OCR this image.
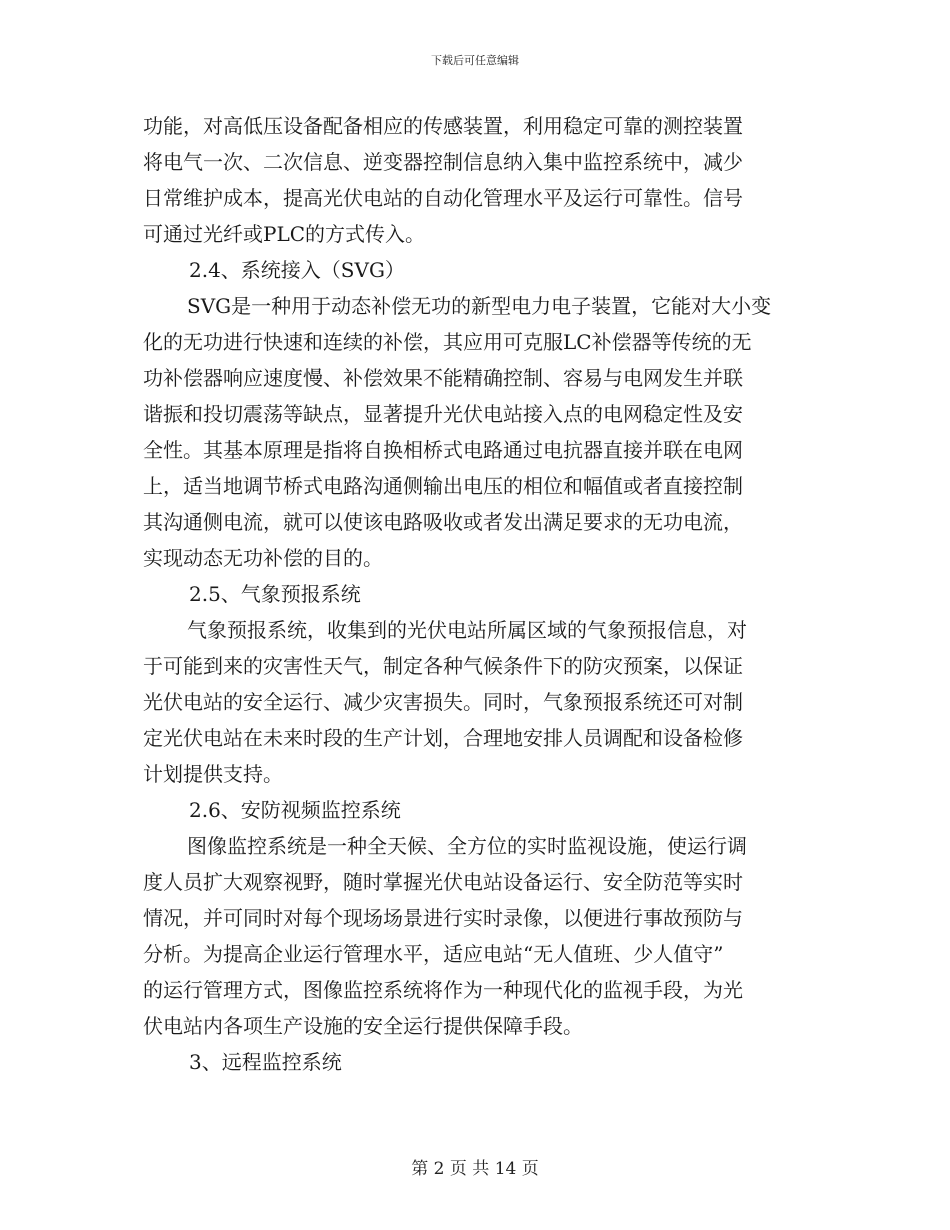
下载后可任意编辑
功能，对高低压设备配备相应的传感装置，利用稳定可靠的测控装置
将电气一次、二次信息、逆变器控制信息纳入集中监控系统中，减少
日常维护成本，提高光伏电站的自动化管理水平及运行可靠性。信号
可通过光纤或PLC的方式传入。
2.4、系统接入（SVG）
SVG是一种用于动态补偿无功的新型电力电子装置，它能对大小变
化的无功进行快速和连续的补偿，其应用可克服LC补偿器等传统的无
功补偿器响应速度慢、补偿效果不能精确控制、容易与电网发生并联
谐振和投切震荡等缺点，显著提升光伏电站接入点的电网稳定性及安
全性。其基本原理是指将自换相桥式电路通过电抗器直接并联在电网
上，适当地调节桥式电路沟通侧输出电压的相位和幅值或者直接控制
其沟通侧电流，就可以使该电路吸收或者发出满足要求的无功电流，
实现动态无功补偿的目的。
2.5、气象预报系统
气象预报系统，收集到的光伏电站所属区域的气象预报信息，对
于可能到来的灾害性天气，制定各种气候条件下的防灾预案，以保证
光伏电站的安全运行、减少灾害损失。同时，气象预报系统还可对制
定光伏电站在未来时段的生产计划，合理地安排人员调配和设备检修
计划提供支持。
2.6、安防视频监控系统
图像监控系统是一种全天候、全方位的实时监视设施，使运行调
度人员扩大观察视野，随时掌握光伏电站设备运行、安全防范等实时
情况，并可同时对每个现场场景进行实时录像，以便进行事故预防与
分析。为提高企业运行管理水平，适应电站“无人值班、少人值守”
的运行管理方式，图像监控系统将作为一种现代化的监视手段，为光
伏电站内各项生产设施的安全运行提供保障手段。
3、远程监控系统
第 2 页 共 14 页
